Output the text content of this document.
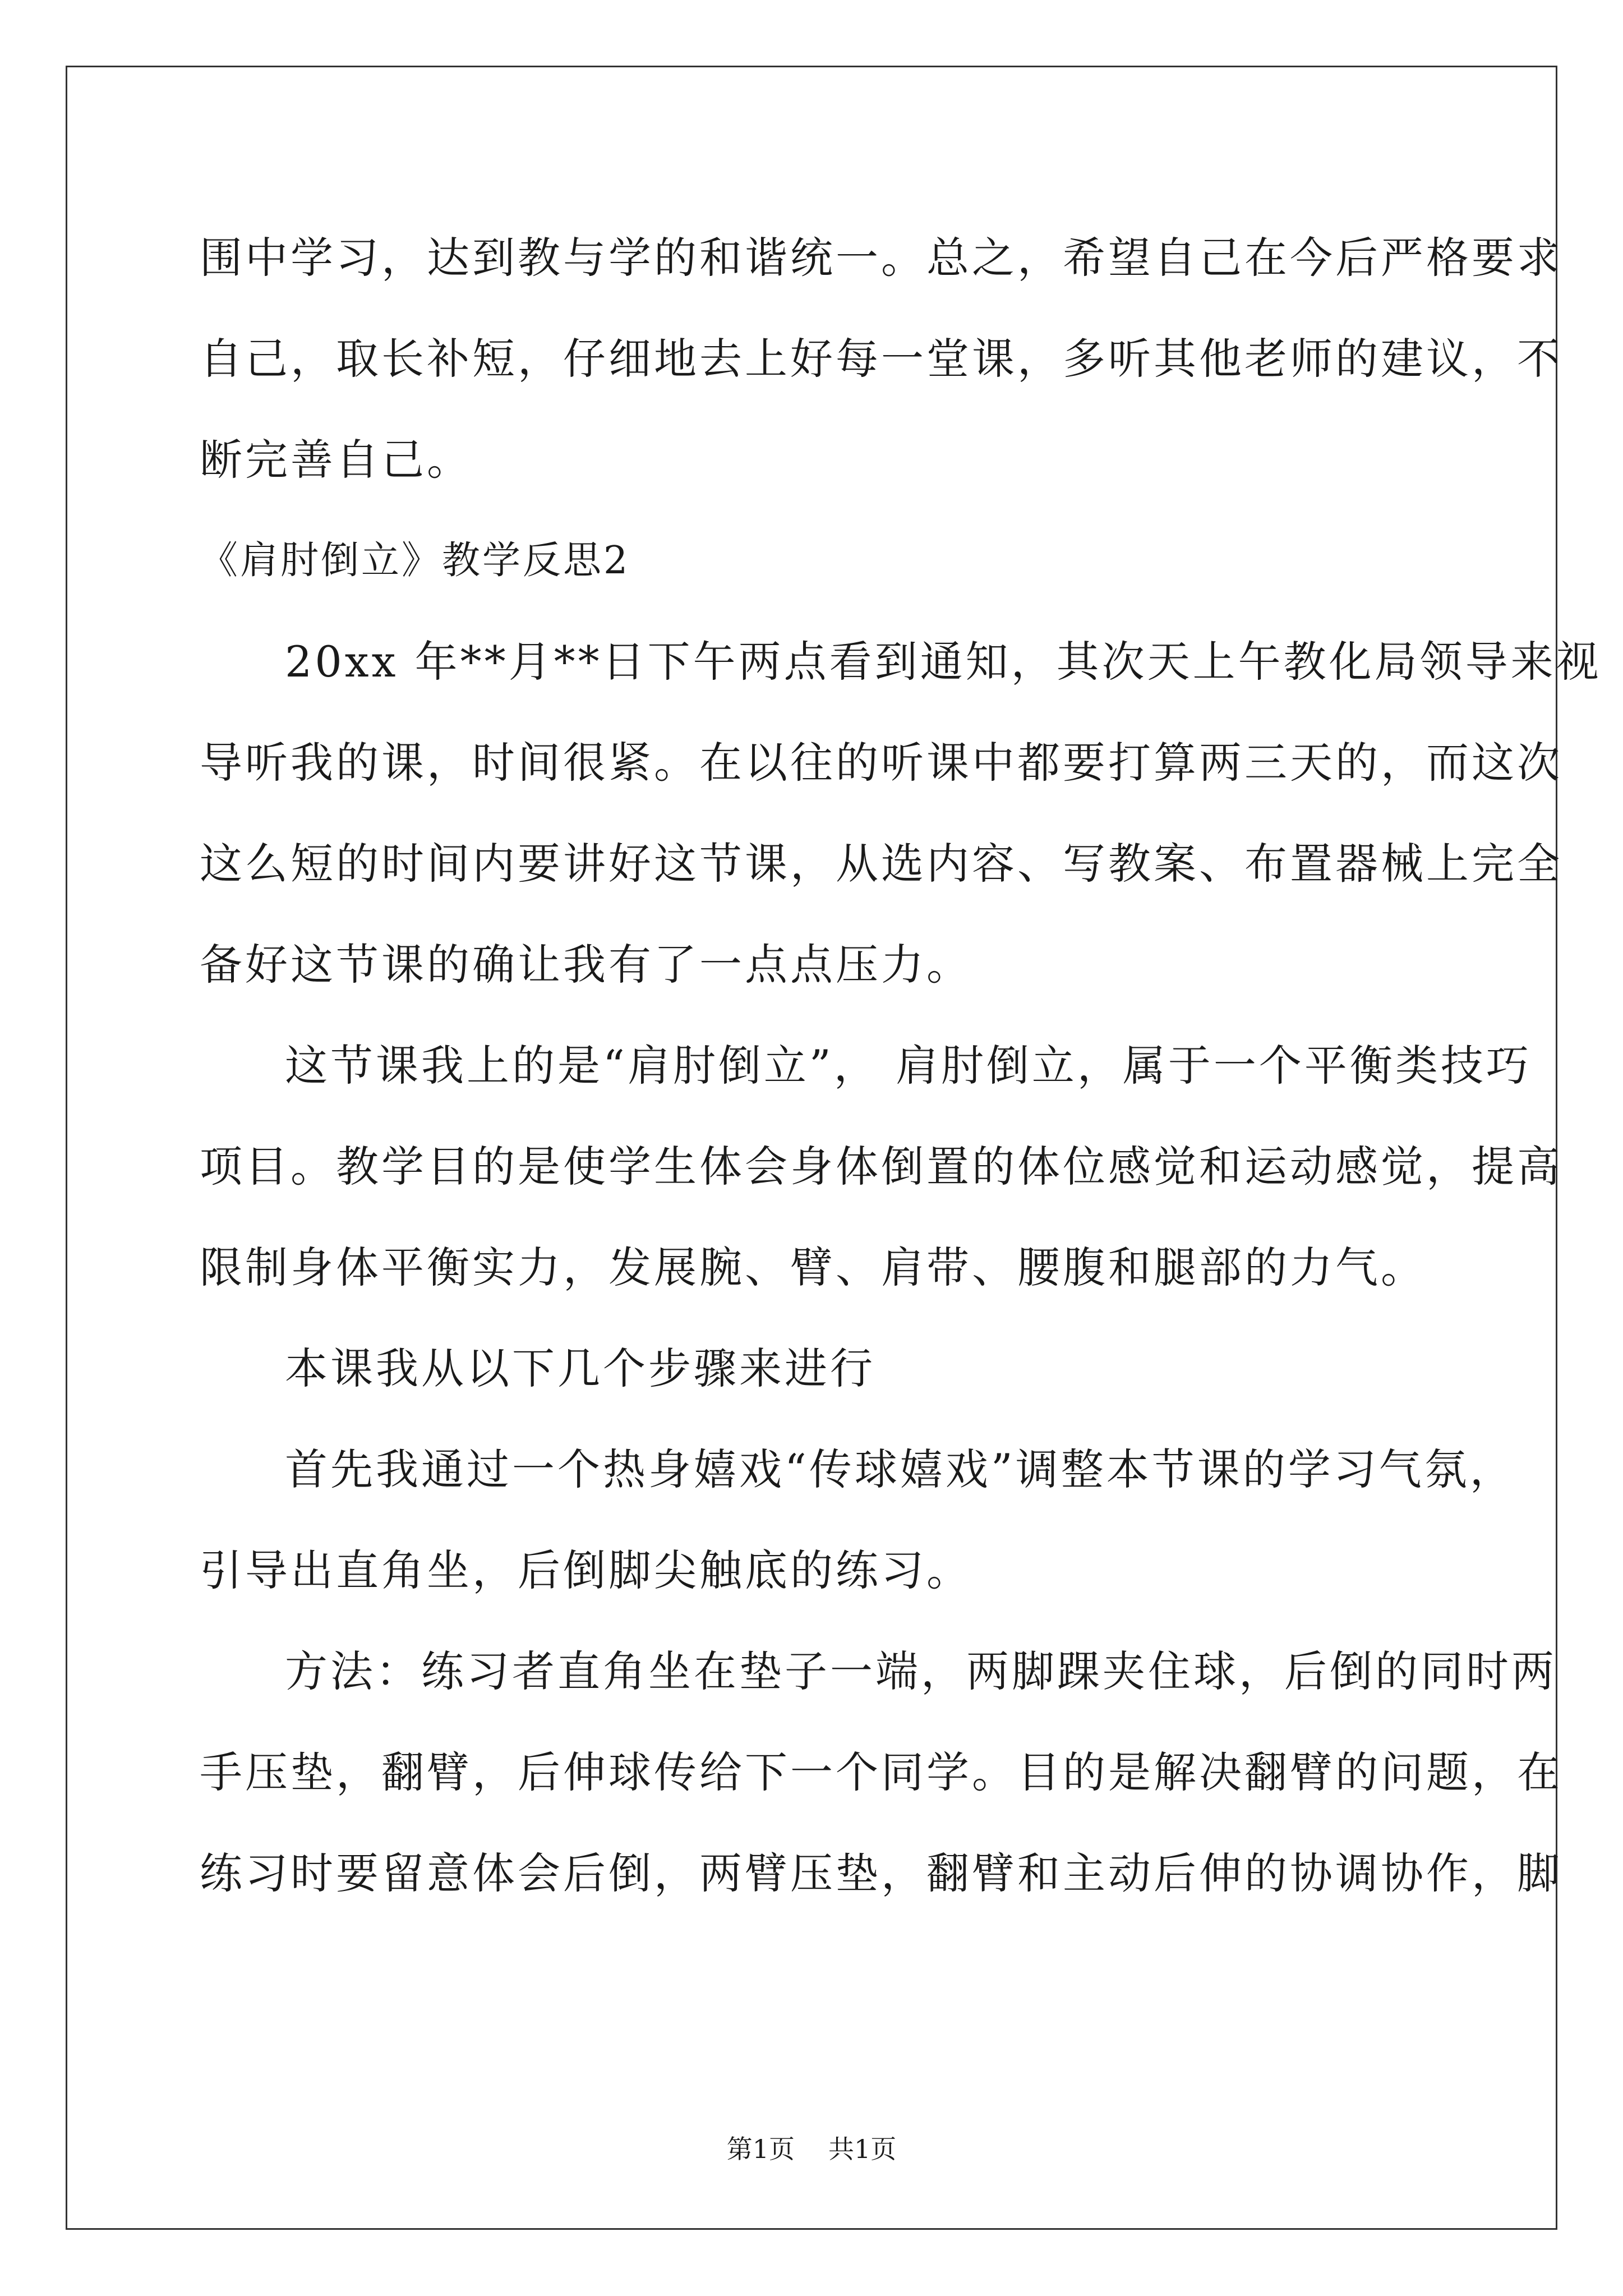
围中学习，达到教与学的和谐统一。总之，希望自己在今后严格要求
自己，取长补短，仔细地去上好每一堂课，多听其他老师的建议，不
断完善自己。
《肩肘倒立》教学反思2
20xx 年**月**日下午两点看到通知，其次天上午教化局领导来视
导听我的课，时间很紧。在以往的听课中都要打算两三天的，而这次
这么短的时间内要讲好这节课，从选内容、写教案、布置器械上完全
备好这节课的确让我有了一点点压力。
这节课我上的是“肩肘倒立”， 肩肘倒立，属于一个平衡类技巧
项目。教学目的是使学生体会身体倒置的体位感觉和运动感觉，提高
限制身体平衡实力，发展腕、臂、肩带、腰腹和腿部的力气。
本课我从以下几个步骤来进行
首先我通过一个热身嬉戏“传球嬉戏”调整本节课的学习气氛，
引导出直角坐，后倒脚尖触底的练习。
方法：练习者直角坐在垫子一端，两脚踝夹住球，后倒的同时两
手压垫，翻臂，后伸球传给下一个同学。目的是解决翻臂的问题，在
练习时要留意体会后倒，两臂压垫，翻臂和主动后伸的协调协作，脚
第1页 共1页
